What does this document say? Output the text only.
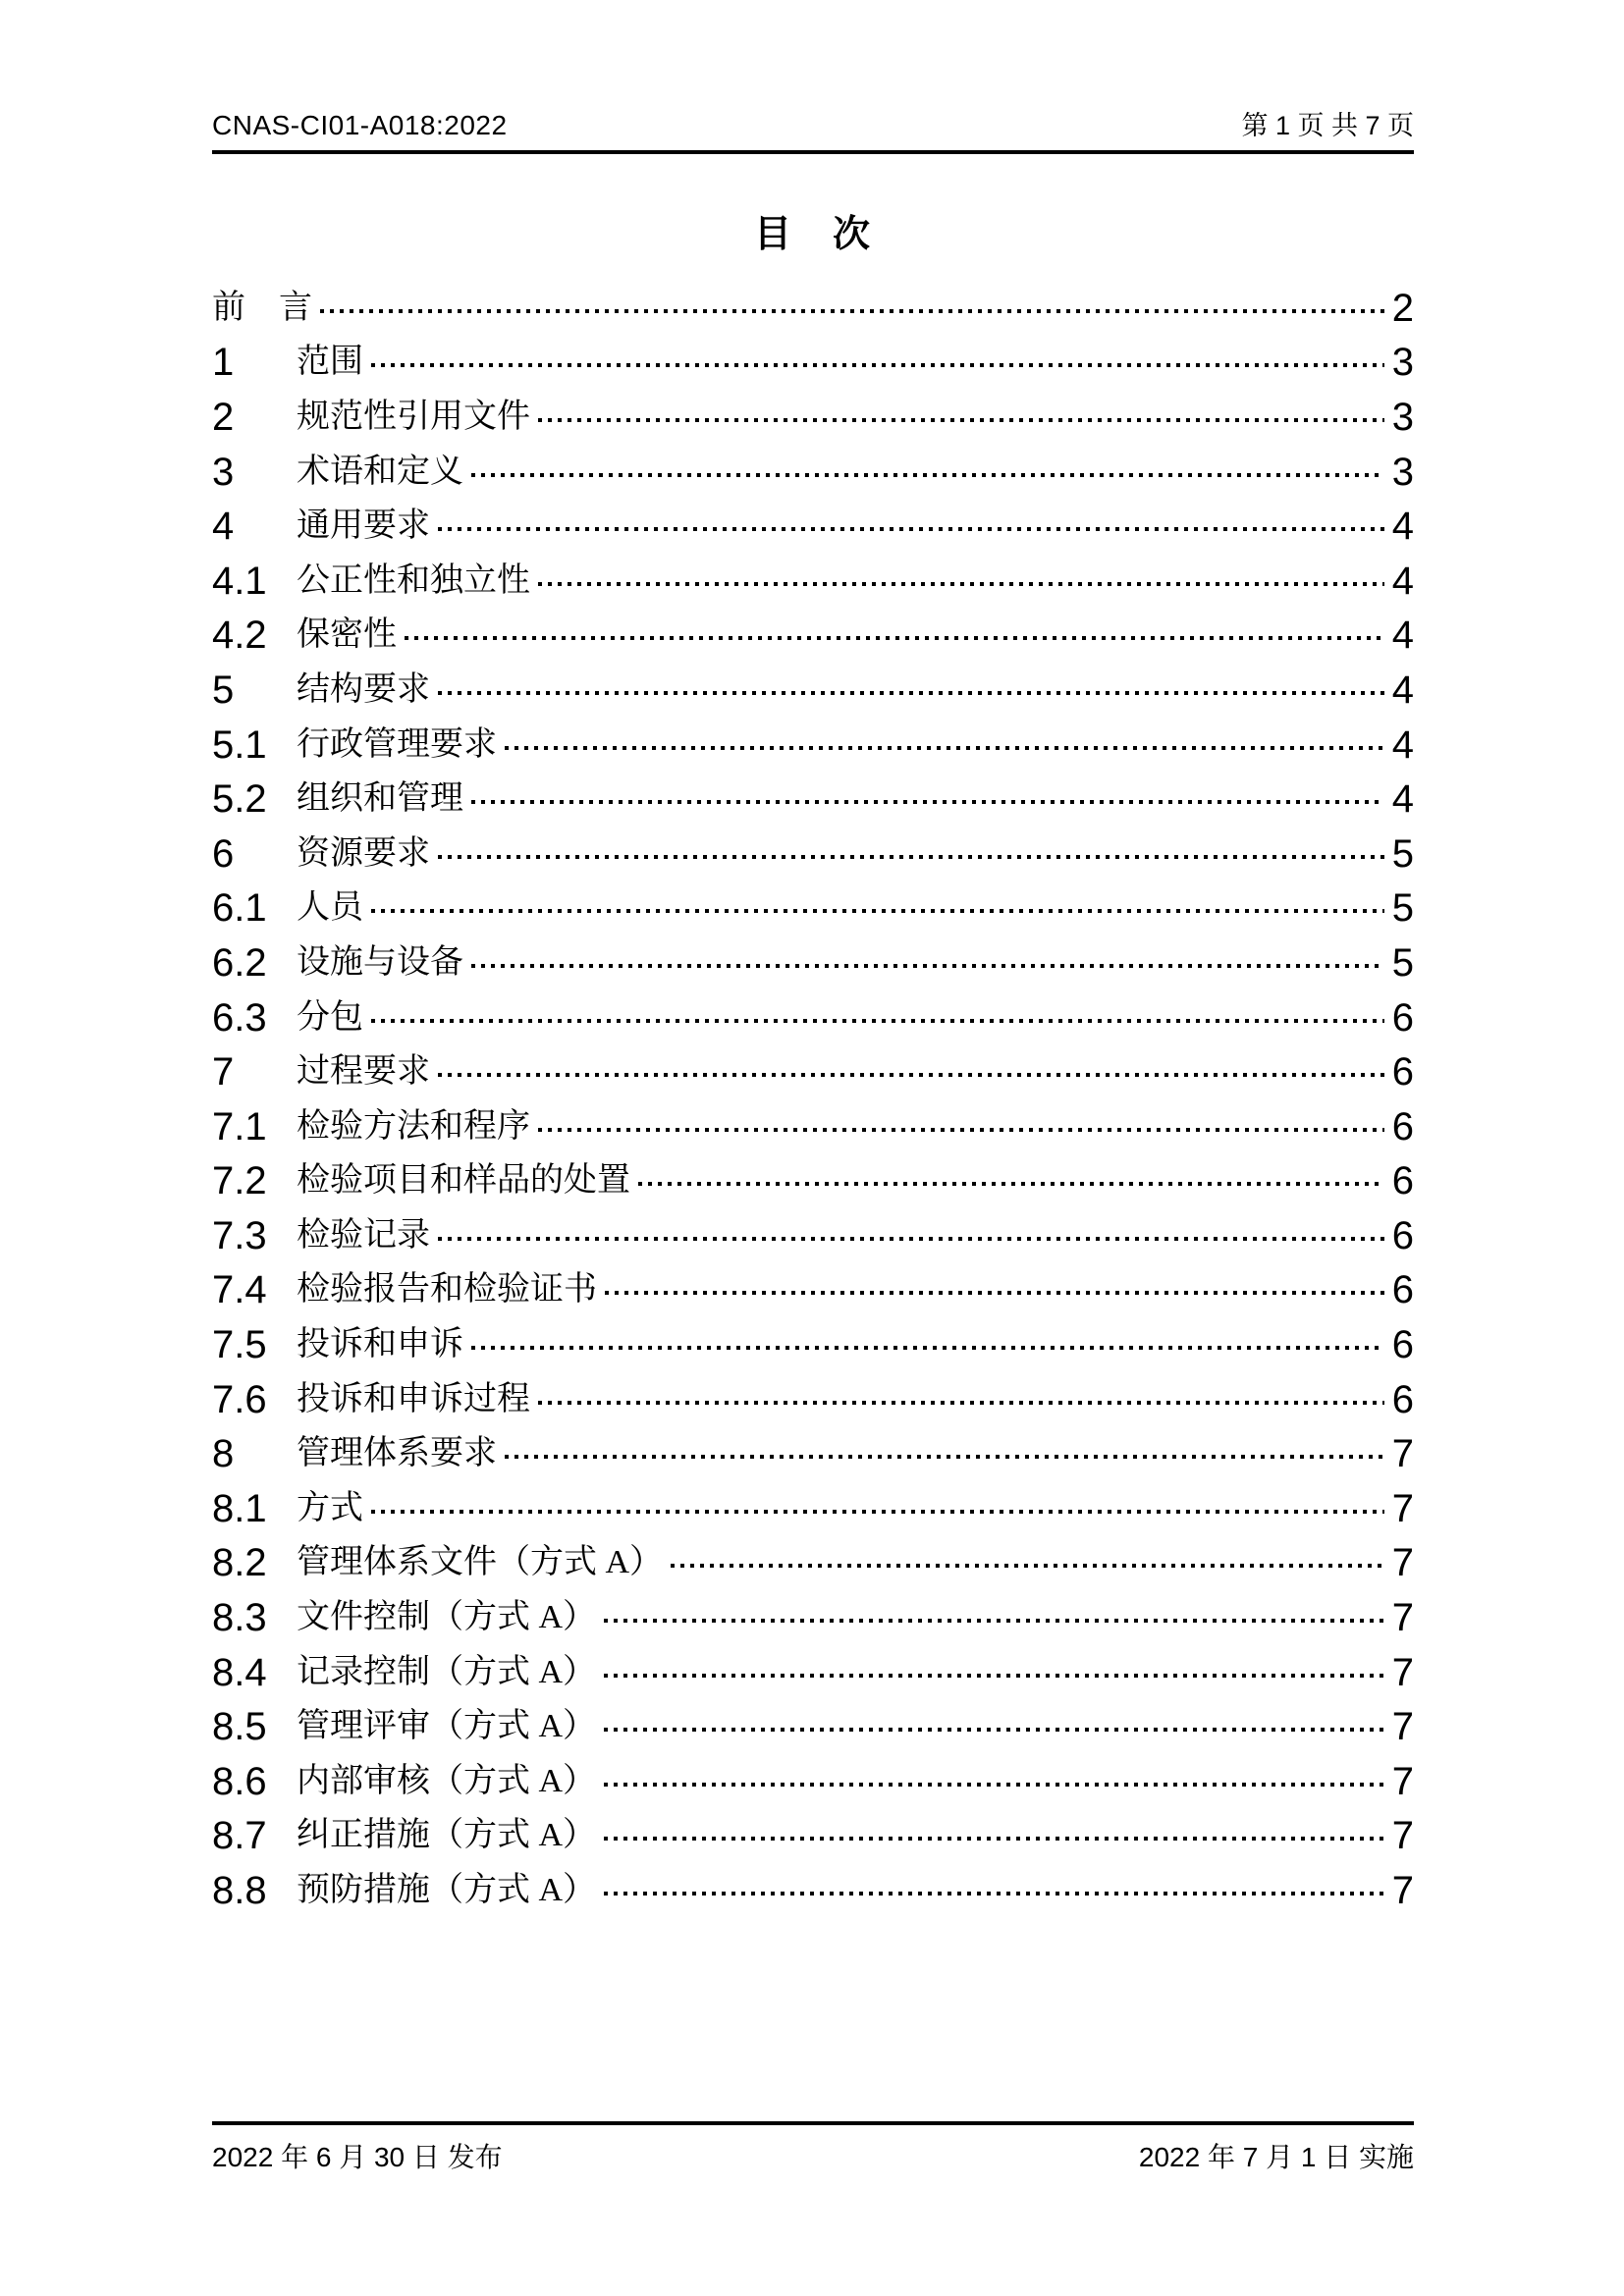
CNAS-CI01-A018:2022	第 1 页 共 7 页
目　次
前　言	2
1	范围	3
2	规范性引用文件	3
3	术语和定义	3
4	通用要求	4
4.1 公正性和独立性	4
4.2 保密性	4
5	结构要求	4
5.1 行政管理要求	4
5.2 组织和管理	4
6	资源要求	5
6.1 人员	5
6.2 设施与设备	5
6.3 分包	6
7	过程要求	6
7.1 检验方法和程序	6
7.2 检验项目和样品的处置	6
7.3 检验记录	6
7.4 检验报告和检验证书	6
7.5 投诉和申诉	6
7.6 投诉和申诉过程	6
8	管理体系要求	7
8.1 方式	7
8.2 管理体系文件（方式 A）	7
8.3 文件控制（方式 A）	7
8.4 记录控制（方式 A）	7
8.5 管理评审（方式 A）	7
8.6 内部审核（方式 A）	7
8.7 纠正措施（方式 A）	7
8.8 预防措施（方式 A）	7
2022 年 6 月 30 日 发布	2022 年 7 月 1 日 实施
